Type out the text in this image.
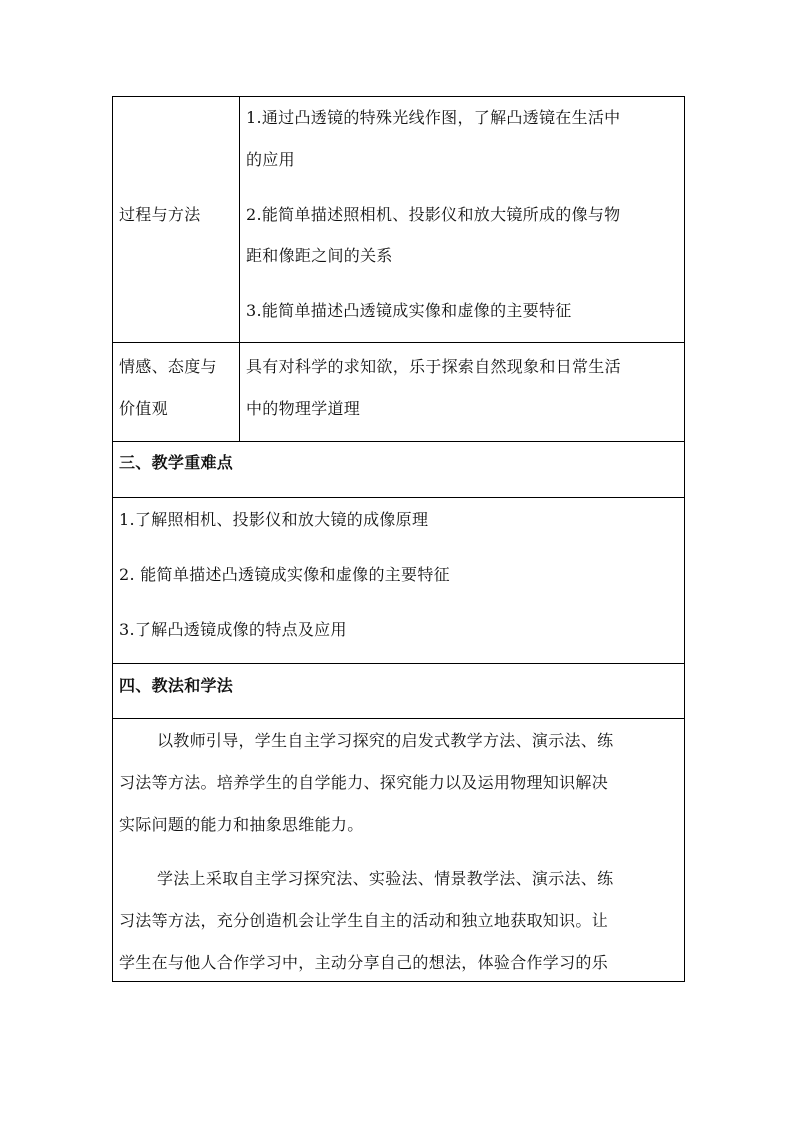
过程与方法
1.通过凸透镜的特殊光线作图，了解凸透镜在生活中
的应用
2.能简单描述照相机、投影仪和放大镜所成的像与物
距和像距之间的关系
3.能简单描述凸透镜成实像和虚像的主要特征
情感、态度与
价值观
具有对科学的求知欲，乐于探索自然现象和日常生活
中的物理学道理
三、教学重难点
1.了解照相机、投影仪和放大镜的成像原理
2. 能简单描述凸透镜成实像和虚像的主要特征
3.了解凸透镜成像的特点及应用
四、教法和学法
以教师引导，学生自主学习探究的启发式教学方法、演示法、练
习法等方法。培养学生的自学能力、探究能力以及运用物理知识解决
实际问题的能力和抽象思维能力。
学法上采取自主学习探究法、实验法、情景教学法、演示法、练
习法等方法，充分创造机会让学生自主的活动和独立地获取知识。让
学生在与他人合作学习中，主动分享自己的想法，体验合作学习的乐
